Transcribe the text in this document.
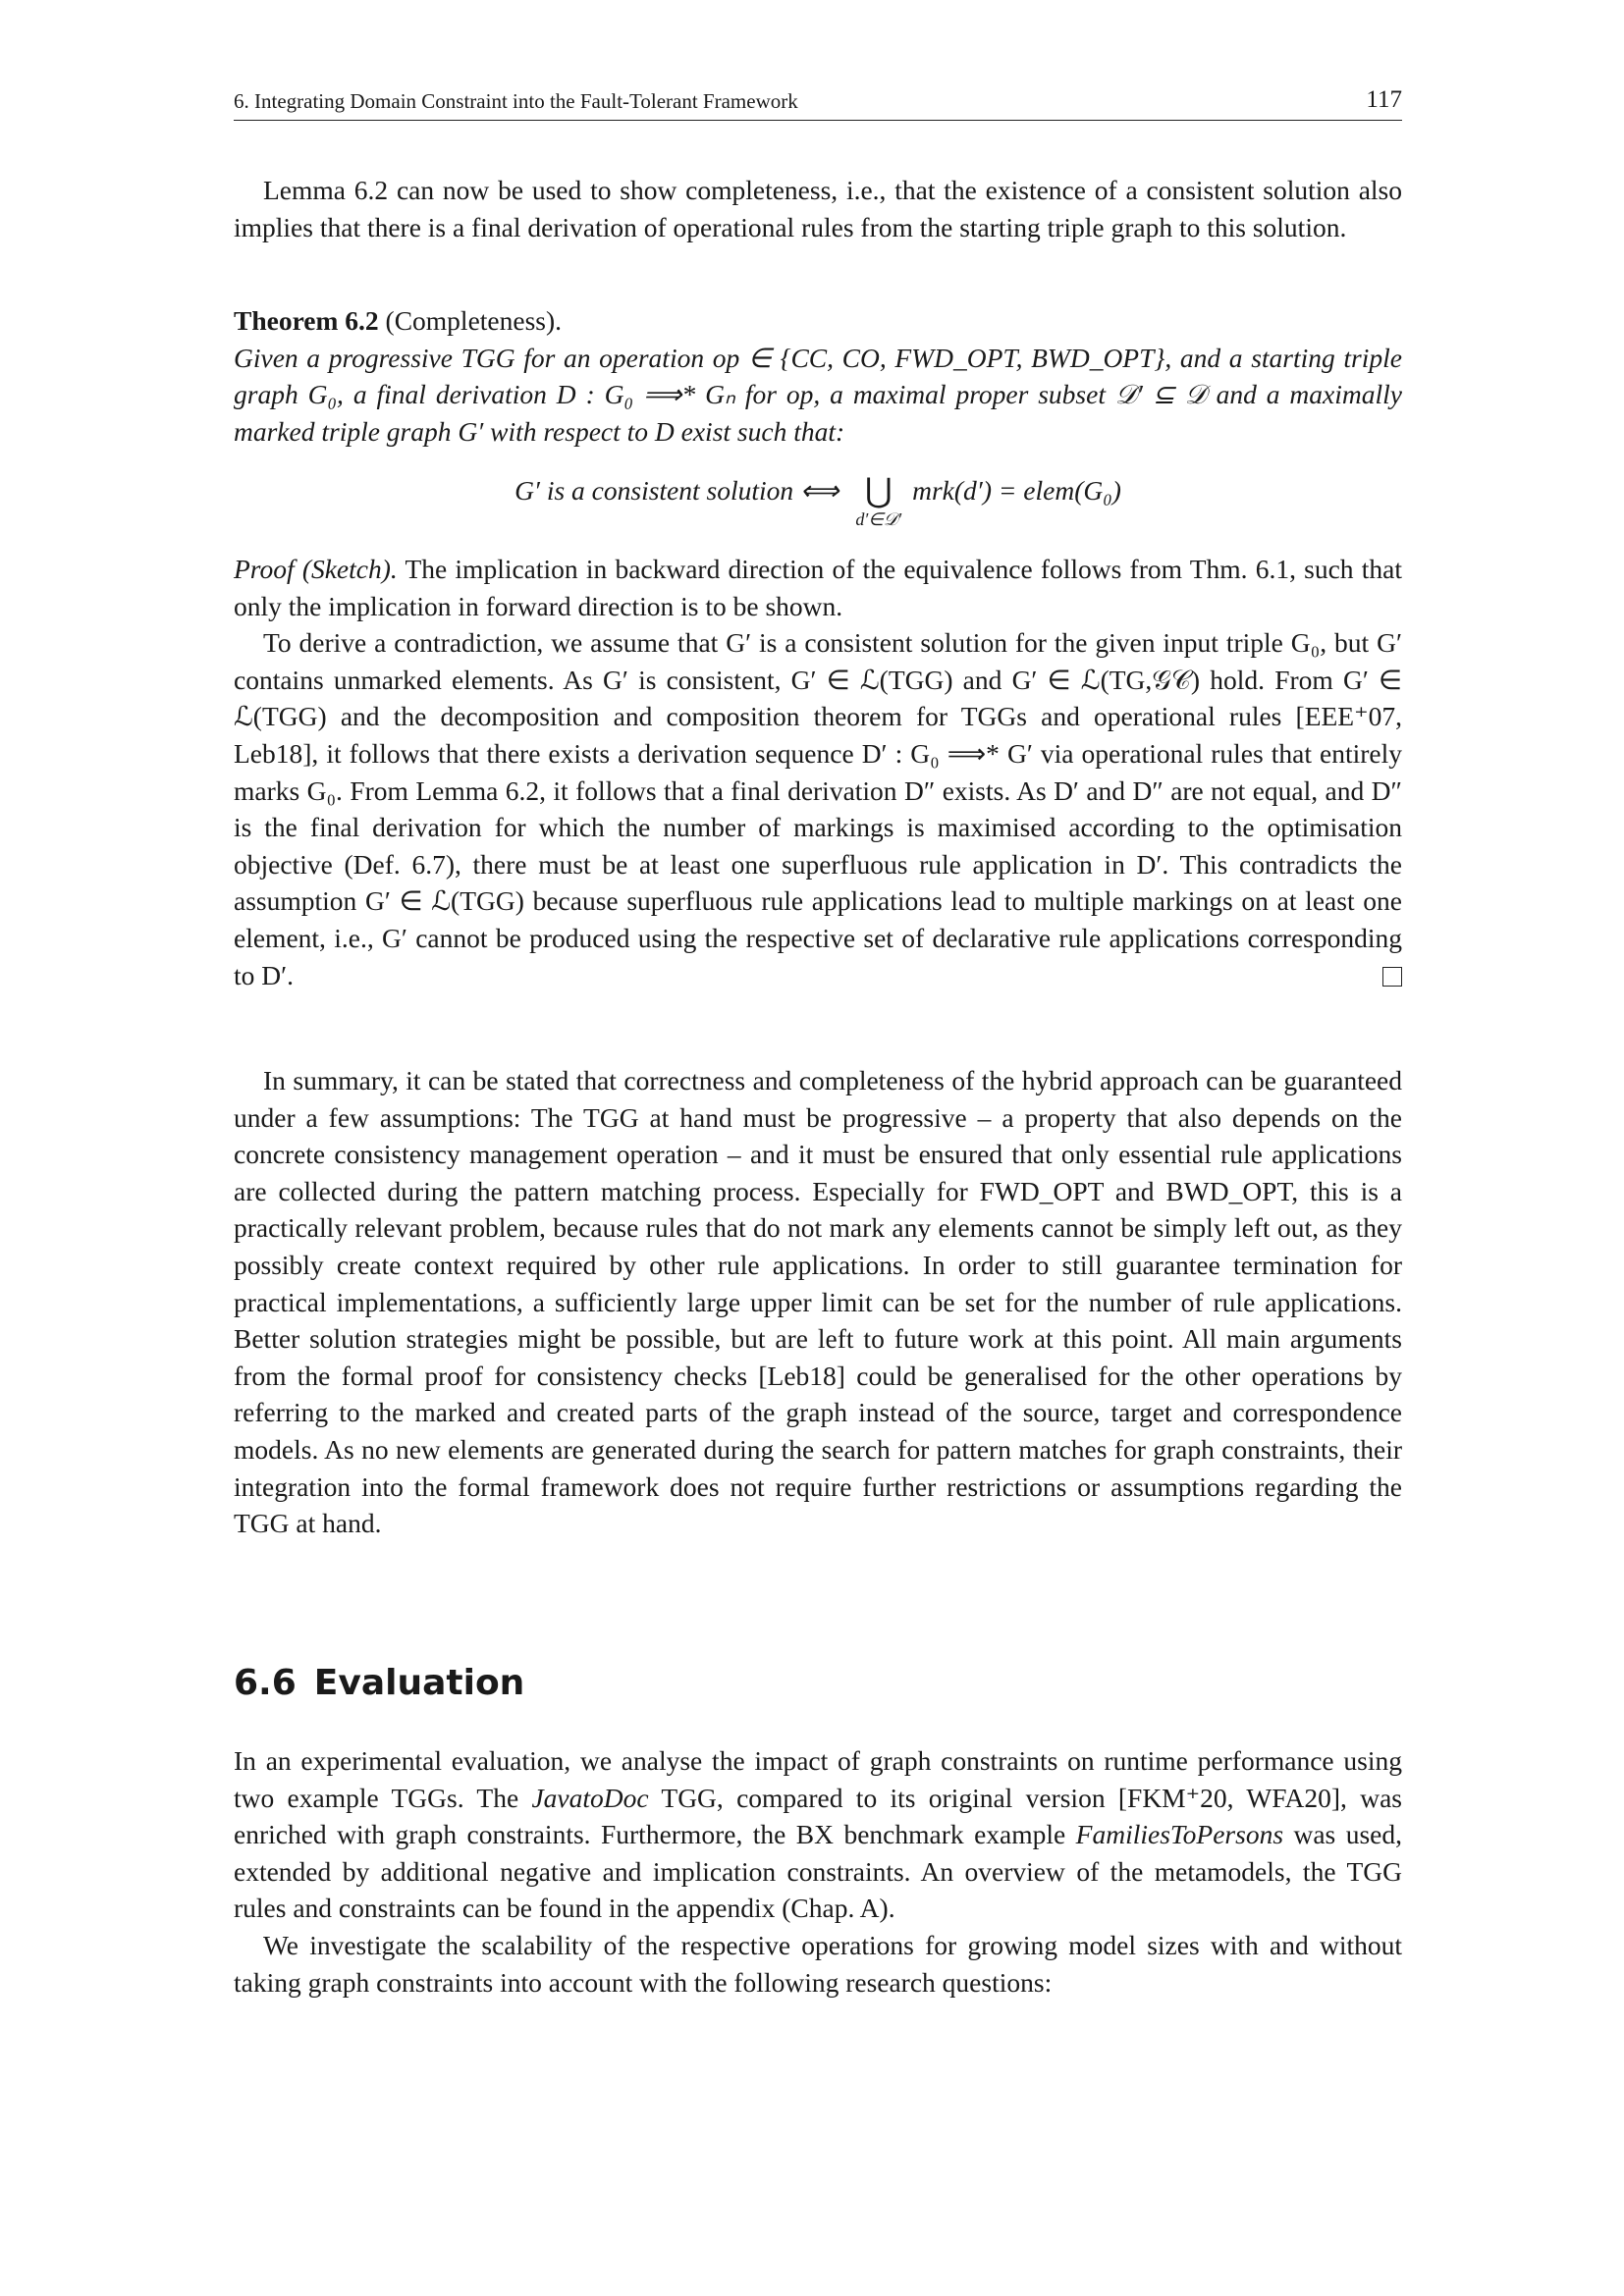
6. Integrating Domain Constraint into the Fault-Tolerant Framework	117

Lemma 6.2 can now be used to show completeness, i.e., that the existence of a consistent solution also implies that there is a final derivation of operational rules from the starting triple graph to this solution.

Theorem 6.2 (Completeness).

Given a progressive TGG for an operation op ∈ {CC, CO, FWD_OPT, BWD_OPT}, and a starting triple graph G₀, a final derivation D : G₀ ⟹* Gₙ for op, a maximal proper subset 𝒟′ ⊆ 𝒟 and a maximally marked triple graph G′ with respect to D exist such that:

G′ is a consistent solution ⟺ ⋃
d′∈𝒟′
mrk(d′) = elem(G₀)

Proof (Sketch). The implication in backward direction of the equivalence follows from Thm. 6.1, such that only the implication in forward direction is to be shown.

To derive a contradiction, we assume that G′ is a consistent solution for the given input triple G₀, but G′ contains unmarked elements. As G′ is consistent, G′ ∈ ℒ(TGG) and G′ ∈ ℒ(TG,𝒢𝒞) hold. From G′ ∈ ℒ(TGG) and the decomposition and composition theorem for TGGs and operational rules [EEE⁺07, Leb18], it follows that there exists a derivation sequence D′ : G₀ ⟹* G′ via operational rules that entirely marks G₀. From Lemma 6.2, it follows that a final derivation D″ exists. As D′ and D″ are not equal, and D″ is the final derivation for which the number of markings is maximised according to the optimisation objective (Def. 6.7), there must be at least one superfluous rule application in D′. This contradicts the assumption G′ ∈ ℒ(TGG) because superfluous rule applications lead to multiple markings on at least one element, i.e., G′ cannot be produced using the respective set of declarative rule applications corresponding to D′.

In summary, it can be stated that correctness and completeness of the hybrid approach can be guaranteed under a few assumptions: The TGG at hand must be progressive – a property that also depends on the concrete consistency management operation – and it must be ensured that only essential rule applications are collected during the pattern matching process. Especially for FWD_OPT and BWD_OPT, this is a practically relevant problem, because rules that do not mark any elements cannot be simply left out, as they possibly create context required by other rule applications. In order to still guarantee termination for practical implementations, a sufficiently large upper limit can be set for the number of rule applications. Better solution strategies might be possible, but are left to future work at this point. All main arguments from the formal proof for consistency checks [Leb18] could be generalised for the other operations by referring to the marked and created parts of the graph instead of the source, target and correspondence models. As no new elements are generated during the search for pattern matches for graph constraints, their integration into the formal framework does not require further restrictions or assumptions regarding the TGG at hand.

6.6 Evaluation

In an experimental evaluation, we analyse the impact of graph constraints on runtime performance using two example TGGs. The JavatoDoc TGG, compared to its original version [FKM⁺20, WFA20], was enriched with graph constraints. Furthermore, the BX benchmark example FamiliesToPersons was used, extended by additional negative and implication constraints. An overview of the metamodels, the TGG rules and constraints can be found in the appendix (Chap. A).

We investigate the scalability of the respective operations for growing model sizes with and without taking graph constraints into account with the following research questions:
